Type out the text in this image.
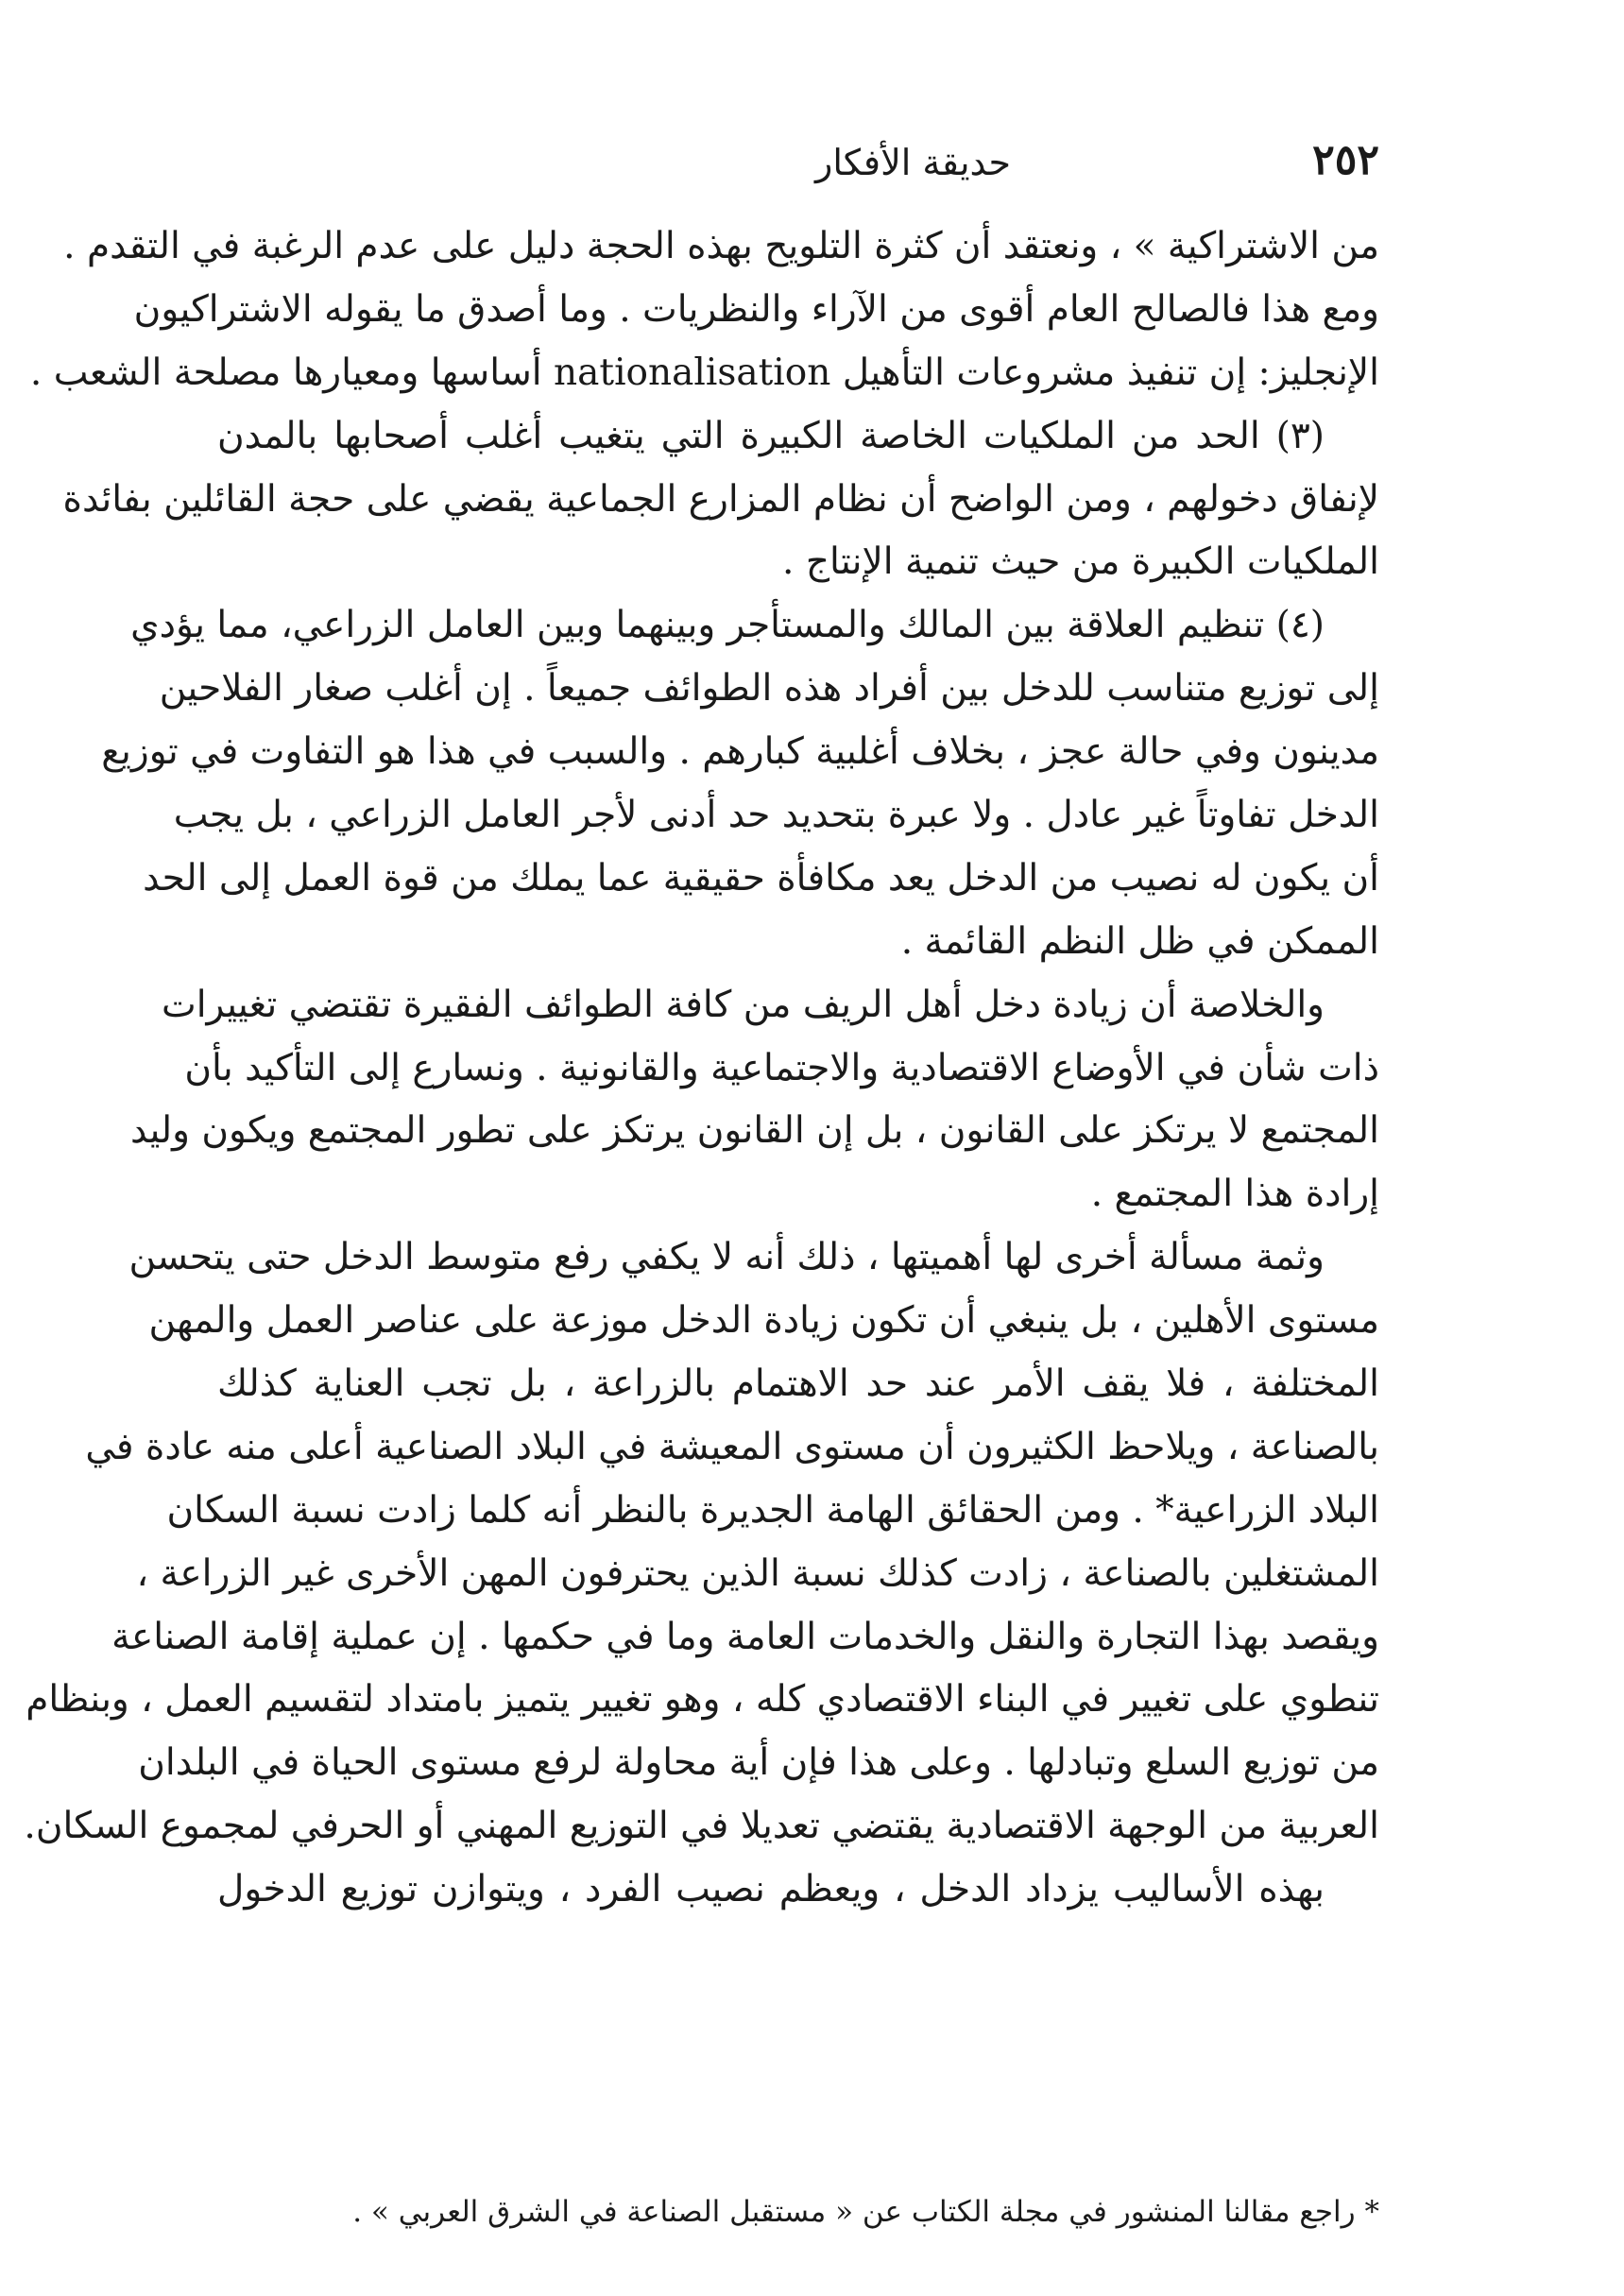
٢٥٢
حديقة الأفكار
من الاشتراكية » ، ونعتقد أن كثرة التلويح بهذه الحجة دليل على عدم الرغبة في التقدم .
ومع هذا فالصالح العام أقوى من الآراء والنظريات . وما أصدق ما يقوله الاشتراكيون
الإنجليز: إن تنفيذ مشروعات التأهيل nationalisation أساسها ومعيارها مصلحة الشعب .
(٣) الحد من الملكيات الخاصة الكبيرة التي يتغيب أغلب أصحابها بالمدن
لإنفاق دخولهم ، ومن الواضح أن نظام المزارع الجماعية يقضي على حجة القائلين بفائدة
الملكيات الكبيرة من حيث تنمية الإنتاج .
(٤) تنظيم العلاقة بين المالك والمستأجر وبينهما وبين العامل الزراعي، مما يؤدي
إلى توزيع متناسب للدخل بين أفراد هذه الطوائف جميعاً . إن أغلب صغار الفلاحين
مدينون وفي حالة عجز ، بخلاف أغلبية كبارهم . والسبب في هذا هو التفاوت في توزيع
الدخل تفاوتاً غير عادل . ولا عبرة بتحديد حد أدنى لأجر العامل الزراعي ، بل يجب
أن يكون له نصيب من الدخل يعد مكافأة حقيقية عما يملك من قوة العمل إلى الحد
الممكن في ظل النظم القائمة .
والخلاصة أن زيادة دخل أهل الريف من كافة الطوائف الفقيرة تقتضي تغييرات
ذات شأن في الأوضاع الاقتصادية والاجتماعية والقانونية . ونسارع إلى التأكيد بأن
المجتمع لا يرتكز على القانون ، بل إن القانون يرتكز على تطور المجتمع ويكون وليد
إرادة هذا المجتمع .
وثمة مسألة أخرى لها أهميتها ، ذلك أنه لا يكفي رفع متوسط الدخل حتى يتحسن
مستوى الأهلين ، بل ينبغي أن تكون زيادة الدخل موزعة على عناصر العمل والمهن
المختلفة ، فلا يقف الأمر عند حد الاهتمام بالزراعة ، بل تجب العناية كذلك
بالصناعة ، ويلاحظ الكثيرون أن مستوى المعيشة في البلاد الصناعية أعلى منه عادة في
البلاد الزراعية* . ومن الحقائق الهامة الجديرة بالنظر أنه كلما زادت نسبة السكان
المشتغلين بالصناعة ، زادت كذلك نسبة الذين يحترفون المهن الأخرى غير الزراعة ،
ويقصد بهذا التجارة والنقل والخدمات العامة وما في حكمها . إن عملية إقامة الصناعة
تنطوي على تغيير في البناء الاقتصادي كله ، وهو تغيير يتميز بامتداد لتقسيم العمل ، وبنظام
من توزيع السلع وتبادلها . وعلى هذا فإن أية محاولة لرفع مستوى الحياة في البلدان
العربية من الوجهة الاقتصادية يقتضي تعديلا في التوزيع المهني أو الحرفي لمجموع السكان.
بهذه الأساليب يزداد الدخل ، ويعظم نصيب الفرد ، ويتوازن توزيع الدخول
* راجع مقالنا المنشور في مجلة الكتاب عن « مستقبل الصناعة في الشرق العربي » .
